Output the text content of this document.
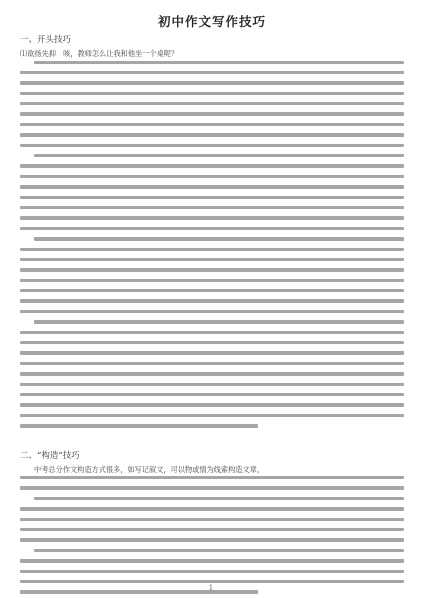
初中作文写作技巧
一、开头技巧
⑴欲扬先抑　咳，教师怎么让我和他坐一个桌呢？
二、“构造”技巧
中考总分作文构造方式很多，如写记叙文，可以物或情为线索构造文章，
1
